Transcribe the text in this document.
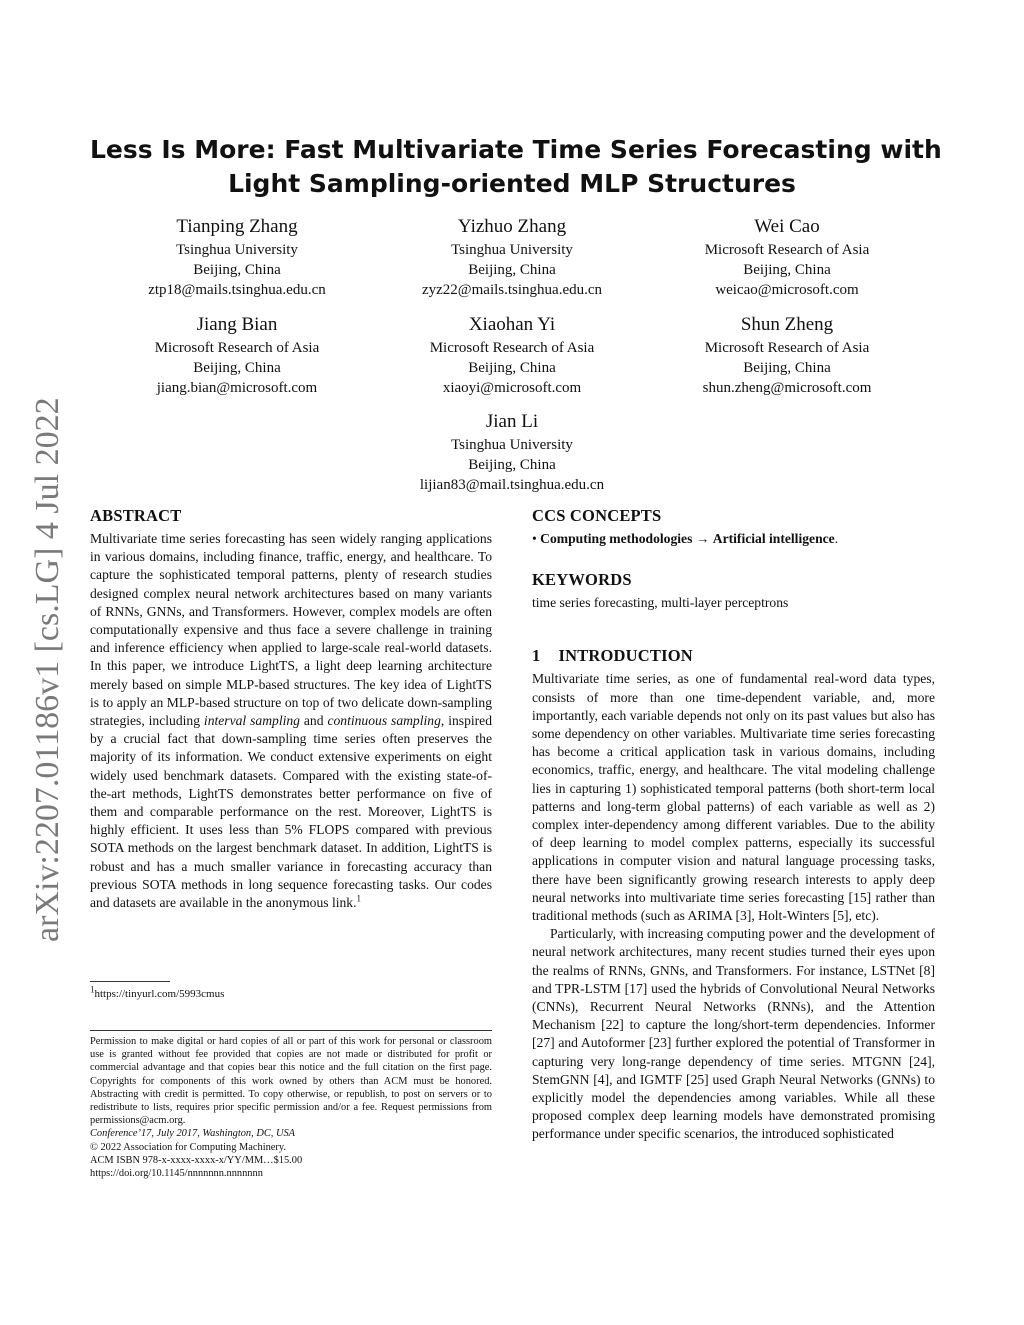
arXiv:2207.01186v1 [cs.LG] 4 Jul 2022
Less Is More: Fast Multivariate Time Series Forecasting with
Light Sampling-oriented MLP Structures
Tianping Zhang
Tsinghua University
Beijing, China
ztp18@mails.tsinghua.edu.cn
Yizhuo Zhang
Tsinghua University
Beijing, China
zyz22@mails.tsinghua.edu.cn
Wei Cao
Microsoft Research of Asia
Beijing, China
weicao@microsoft.com
Jiang Bian
Microsoft Research of Asia
Beijing, China
jiang.bian@microsoft.com
Xiaohan Yi
Microsoft Research of Asia
Beijing, China
xiaoyi@microsoft.com
Shun Zheng
Microsoft Research of Asia
Beijing, China
shun.zheng@microsoft.com
Jian Li
Tsinghua University
Beijing, China
lijian83@mail.tsinghua.edu.cn
ABSTRACT

Multivariate time series forecasting has seen widely ranging applications in various domains, including finance, traffic, energy, and healthcare. To capture the sophisticated temporal patterns, plenty of research studies designed complex neural network architectures based on many variants of RNNs, GNNs, and Transformers. However, complex models are often computationally expensive and thus face a severe challenge in training and inference efficiency when applied to large-scale real-world datasets. In this paper, we introduce LightTS, a light deep learning architecture merely based on simple MLP-based structures. The key idea of LightTS is to apply an MLP-based structure on top of two delicate down-sampling strategies, including interval sampling and continuous sampling, inspired by a crucial fact that down-sampling time series often preserves the majority of its information. We conduct extensive experiments on eight widely used benchmark datasets. Compared with the existing state-of-the-art methods, LightTS demonstrates better performance on five of them and comparable performance on the rest. Moreover, LightTS is highly efficient. It uses less than 5% FLOPS compared with previous SOTA methods on the largest benchmark dataset. In addition, LightTS is robust and has a much smaller variance in forecasting accuracy than previous SOTA methods in long sequence forecasting tasks. Our codes and datasets are available in the anonymous link.$^1$

$^1$https://tinyurl.com/5993cmus

Permission to make digital or hard copies of all or part of this work for personal or classroom use is granted without fee provided that copies are not made or distributed for profit or commercial advantage and that copies bear this notice and the full citation on the first page. Copyrights for components of this work owned by others than ACM must be honored. Abstracting with credit is permitted. To copy otherwise, or republish, to post on servers or to redistribute to lists, requires prior specific permission and/or a fee. Request permissions from permissions@acm.org.

Conference’17, July 2017, Washington, DC, USA
© 2022 Association for Computing Machinery.
ACM ISBN 978-x-xxxx-xxxx-x/YY/MM…$15.00
https://doi.org/10.1145/nnnnnnn.nnnnnnn
CCS CONCEPTS

• Computing methodologies → Artificial intelligence.

KEYWORDS

time series forecasting, multi-layer perceptrons

1 INTRODUCTION

Multivariate time series, as one of fundamental real-word data types, consists of more than one time-dependent variable, and, more importantly, each variable depends not only on its past values but also has some dependency on other variables. Multivariate time series forecasting has become a critical application task in various domains, including economics, traffic, energy, and healthcare. The vital modeling challenge lies in capturing 1) sophisticated temporal patterns (both short-term local patterns and long-term global patterns) of each variable as well as 2) complex inter-dependency among different variables. Due to the ability of deep learning to model complex patterns, especially its successful applications in computer vision and natural language processing tasks, there have been significantly growing research interests to apply deep neural networks into multivariate time series forecasting [15] rather than traditional methods (such as ARIMA [3], Holt-Winters [5], etc).

Particularly, with increasing computing power and the development of neural network architectures, many recent studies turned their eyes upon the realms of RNNs, GNNs, and Transformers. For instance, LSTNet [8] and TPR-LSTM [17] used the hybrids of Convolutional Neural Networks (CNNs), Recurrent Neural Networks (RNNs), and the Attention Mechanism [22] to capture the long/short-term dependencies. Informer [27] and Autoformer [23] further explored the potential of Transformer in capturing very long-range dependency of time series. MTGNN [24], StemGNN [4], and IGMTF [25] used Graph Neural Networks (GNNs) to explicitly model the dependencies among variables. While all these proposed complex deep learning models have demonstrated promising performance under specific scenarios, the introduced sophisticated
